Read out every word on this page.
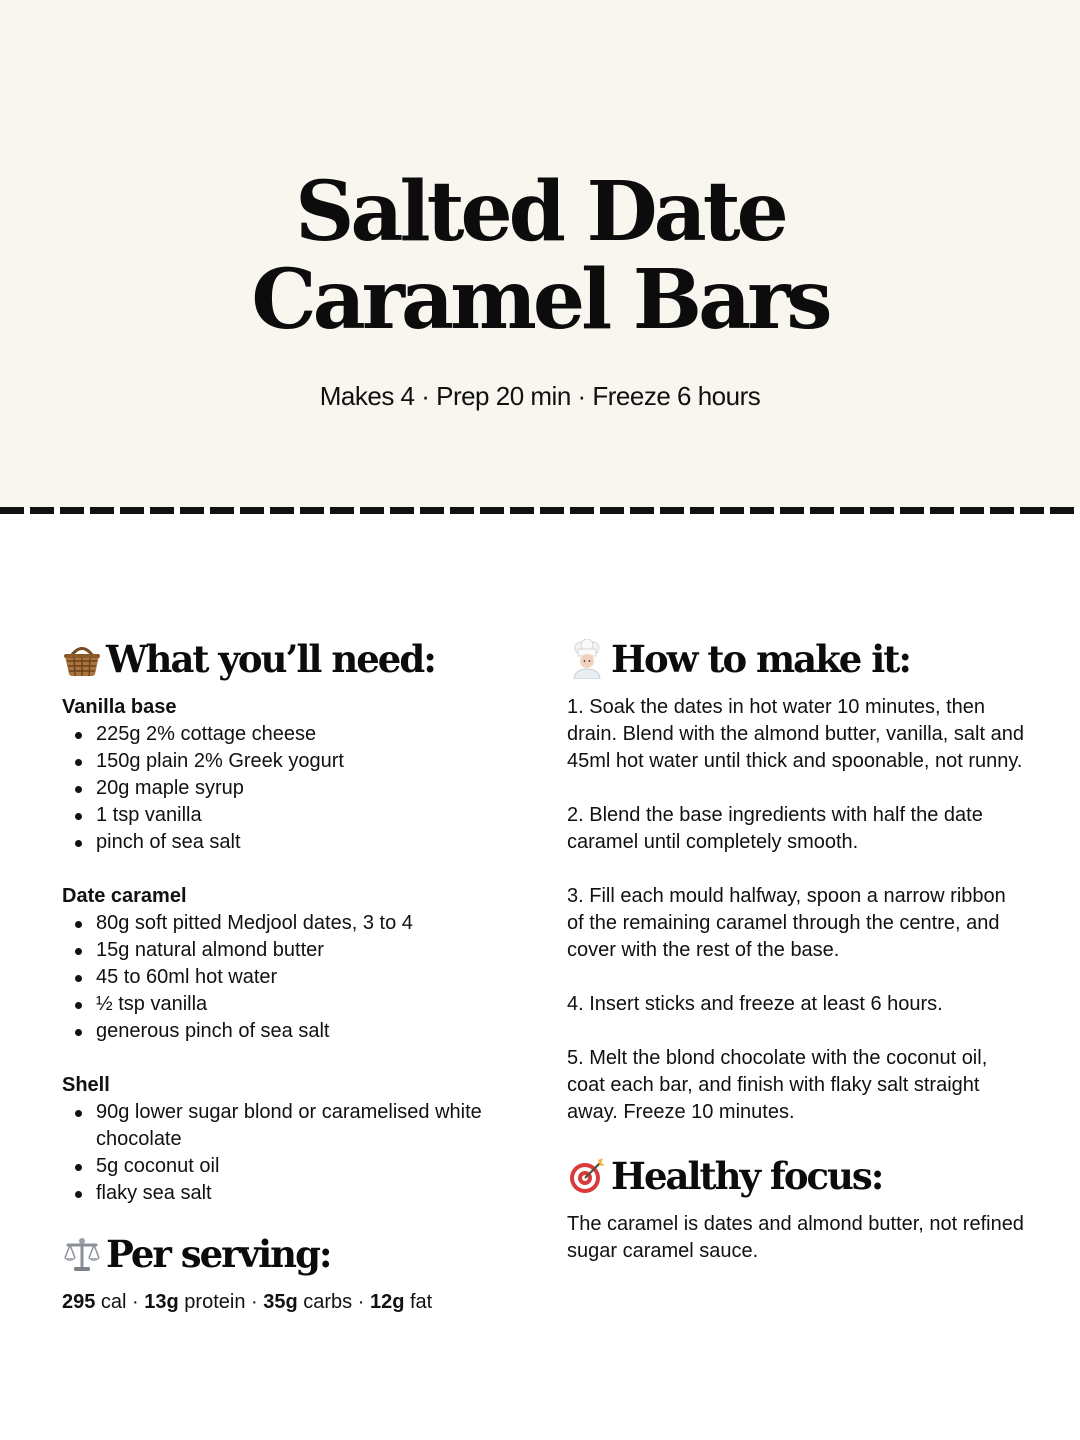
Salted Date
Caramel Bars
Makes 4 · Prep 20 min · Freeze 6 hours
What you’ll need:
Vanilla base
225g 2% cottage cheese
150g plain 2% Greek yogurt
20g maple syrup
1 tsp vanilla
pinch of sea salt
Date caramel
80g soft pitted Medjool dates, 3 to 4
15g natural almond butter
45 to 60ml hot water
½ tsp vanilla
generous pinch of sea salt
Shell
90g lower sugar blond or caramelised white chocolate
5g coconut oil
flaky sea salt
Per serving:
295 cal · 13g protein · 35g carbs · 12g fat
How to make it:

1. Soak the dates in hot water 10 minutes, then drain. Blend with the almond butter, vanilla, salt and 45ml hot water until thick and spoonable, not runny.

2. Blend the base ingredients with half the date caramel until completely smooth.

3. Fill each mould halfway, spoon a narrow ribbon of the remaining caramel through the centre, and cover with the rest of the base.

4. Insert sticks and freeze at least 6 hours.

5. Melt the blond chocolate with the coconut oil, coat each bar, and finish with flaky salt straight away. Freeze 10 minutes.

Healthy focus:
The caramel is dates and almond butter, not refined sugar caramel sauce.
